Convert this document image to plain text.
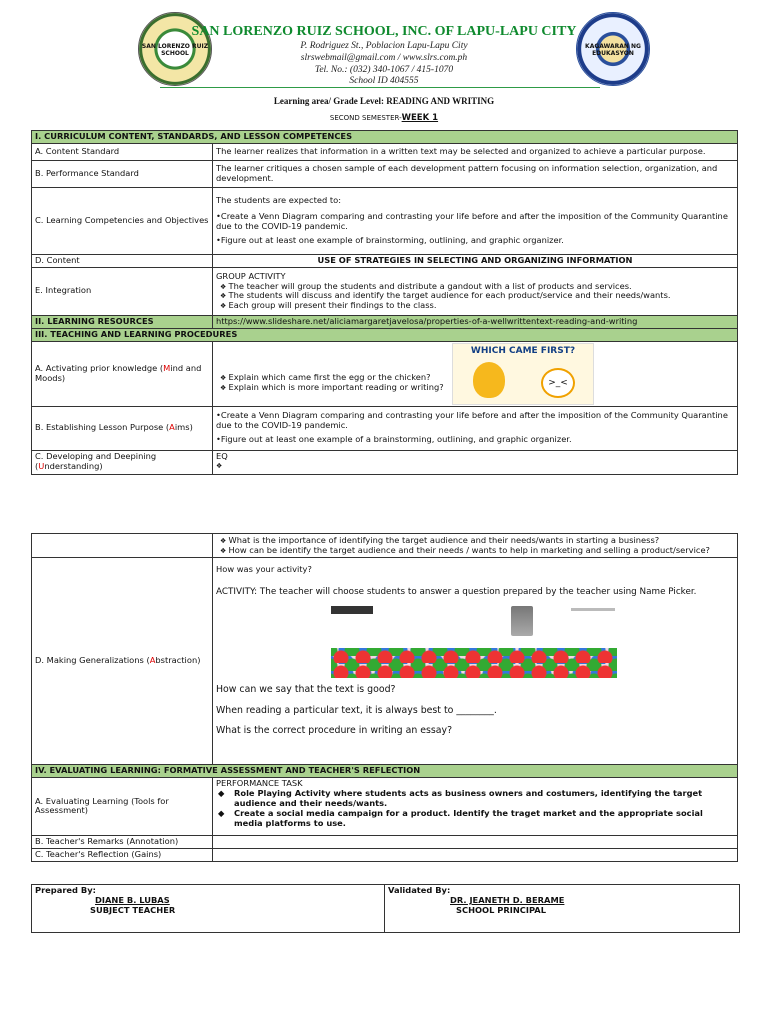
SAN LORENZO RUIZ SCHOOL
KAGAWARAN NG EDUKASYON
SAN LORENZO RUIZ SCHOOL, INC. OF LAPU-LAPU CITY
P. Rodriguez St., Poblacion Lapu-Lapu City
slrswebmail@gmail.com / www.slrs.com.ph
Tel. No.: (032) 340-1067 / 415-1070
School ID 404555
Learning area/ Grade Level: READING AND WRITING
SECOND SEMESTER-WEEK 1
I. CURRICULUM CONTENT, STANDARDS, AND LESSON COMPETENCES	
A. Content Standard	The learner realizes that information in a written text may be selected and organized to achieve a particular purpose.
B. Performance Standard	The learner critiques a chosen sample of each development pattern focusing on information selection, organization, and development.
C. Learning Competencies and Objectives	The students are expected to:
• Create a Venn Diagram comparing and contrasting your life before and after the imposition of the Community Quarantine due to the COVID-19 pandemic.
• Figure out at least one example of brainstorming, outlining, and graphic organizer.

D. Content	USE OF STRATEGIES IN SELECTING AND ORGANIZING INFORMATION
E. Integration	GROUP ACTIVITY
❖ The teacher will group the students and distribute a gandout with a list of products and services.
❖ The students will discuss and identify the target audience for each product/service and their needs/wants.
❖ Each group will present their findings to the class.

II. LEARNING RESOURCES	https://www.slideshare.net/aliciamargaretjavelosa/properties-of-a-wellwrittentext-reading-and-writing
III. TEACHING AND LEARNING PROCEDURES	
A. Activating prior knowledge (Mind and Moods)	❖ Explain which came first the egg or the chicken?
❖ Explain which is more important reading or writing?
WHICH CAME FIRST?
>_<

B. Establishing Lesson Purpose (Aims)	• Create a Venn Diagram comparing and contrasting your life before and after the imposition of the Community Quarantine due to the COVID-19 pandemic.
• Figure out at least one example of a brainstorming, outlining, and graphic organizer.

C. Developing and Deepining (Understanding)	EQ
❖

	❖ What is the importance of identifying the target audience and their needs/wants in starting a business?
❖ How can be identify the target audience and their needs / wants to help in marketing and selling a product/service?

D. Making Generalizations (Abstraction)	How was your activity?
ACTIVITY: The teacher will choose students to answer a question prepared by the teacher using Name Picker.
How can we say that the text is good?
When reading a particular text, it is always best to ________.
What is the correct procedure in writing an essay?

IV. EVALUATING LEARNING: FORMATIVE ASSESSMENT AND TEACHER'S REFLECTION	
A. Evaluating Learning (Tools for Assessment)	PERFORMANCE TASK
◆ Role Playing Activity where students acts as business owners and costumers, identifying the target audience and their needs/wants.
◆ Create a social media campaign for a product. Identify the traget market and the appropriate social media platforms to use.

B. Teacher's Remarks (Annotation)	
C. Teacher's Reflection (Gains)	
Prepared By:
DIANE B. LUBAS
SUBJECT TEACHER

Validated By:
DR. JEANETH D. BERAME
SCHOOL PRINCIPAL
